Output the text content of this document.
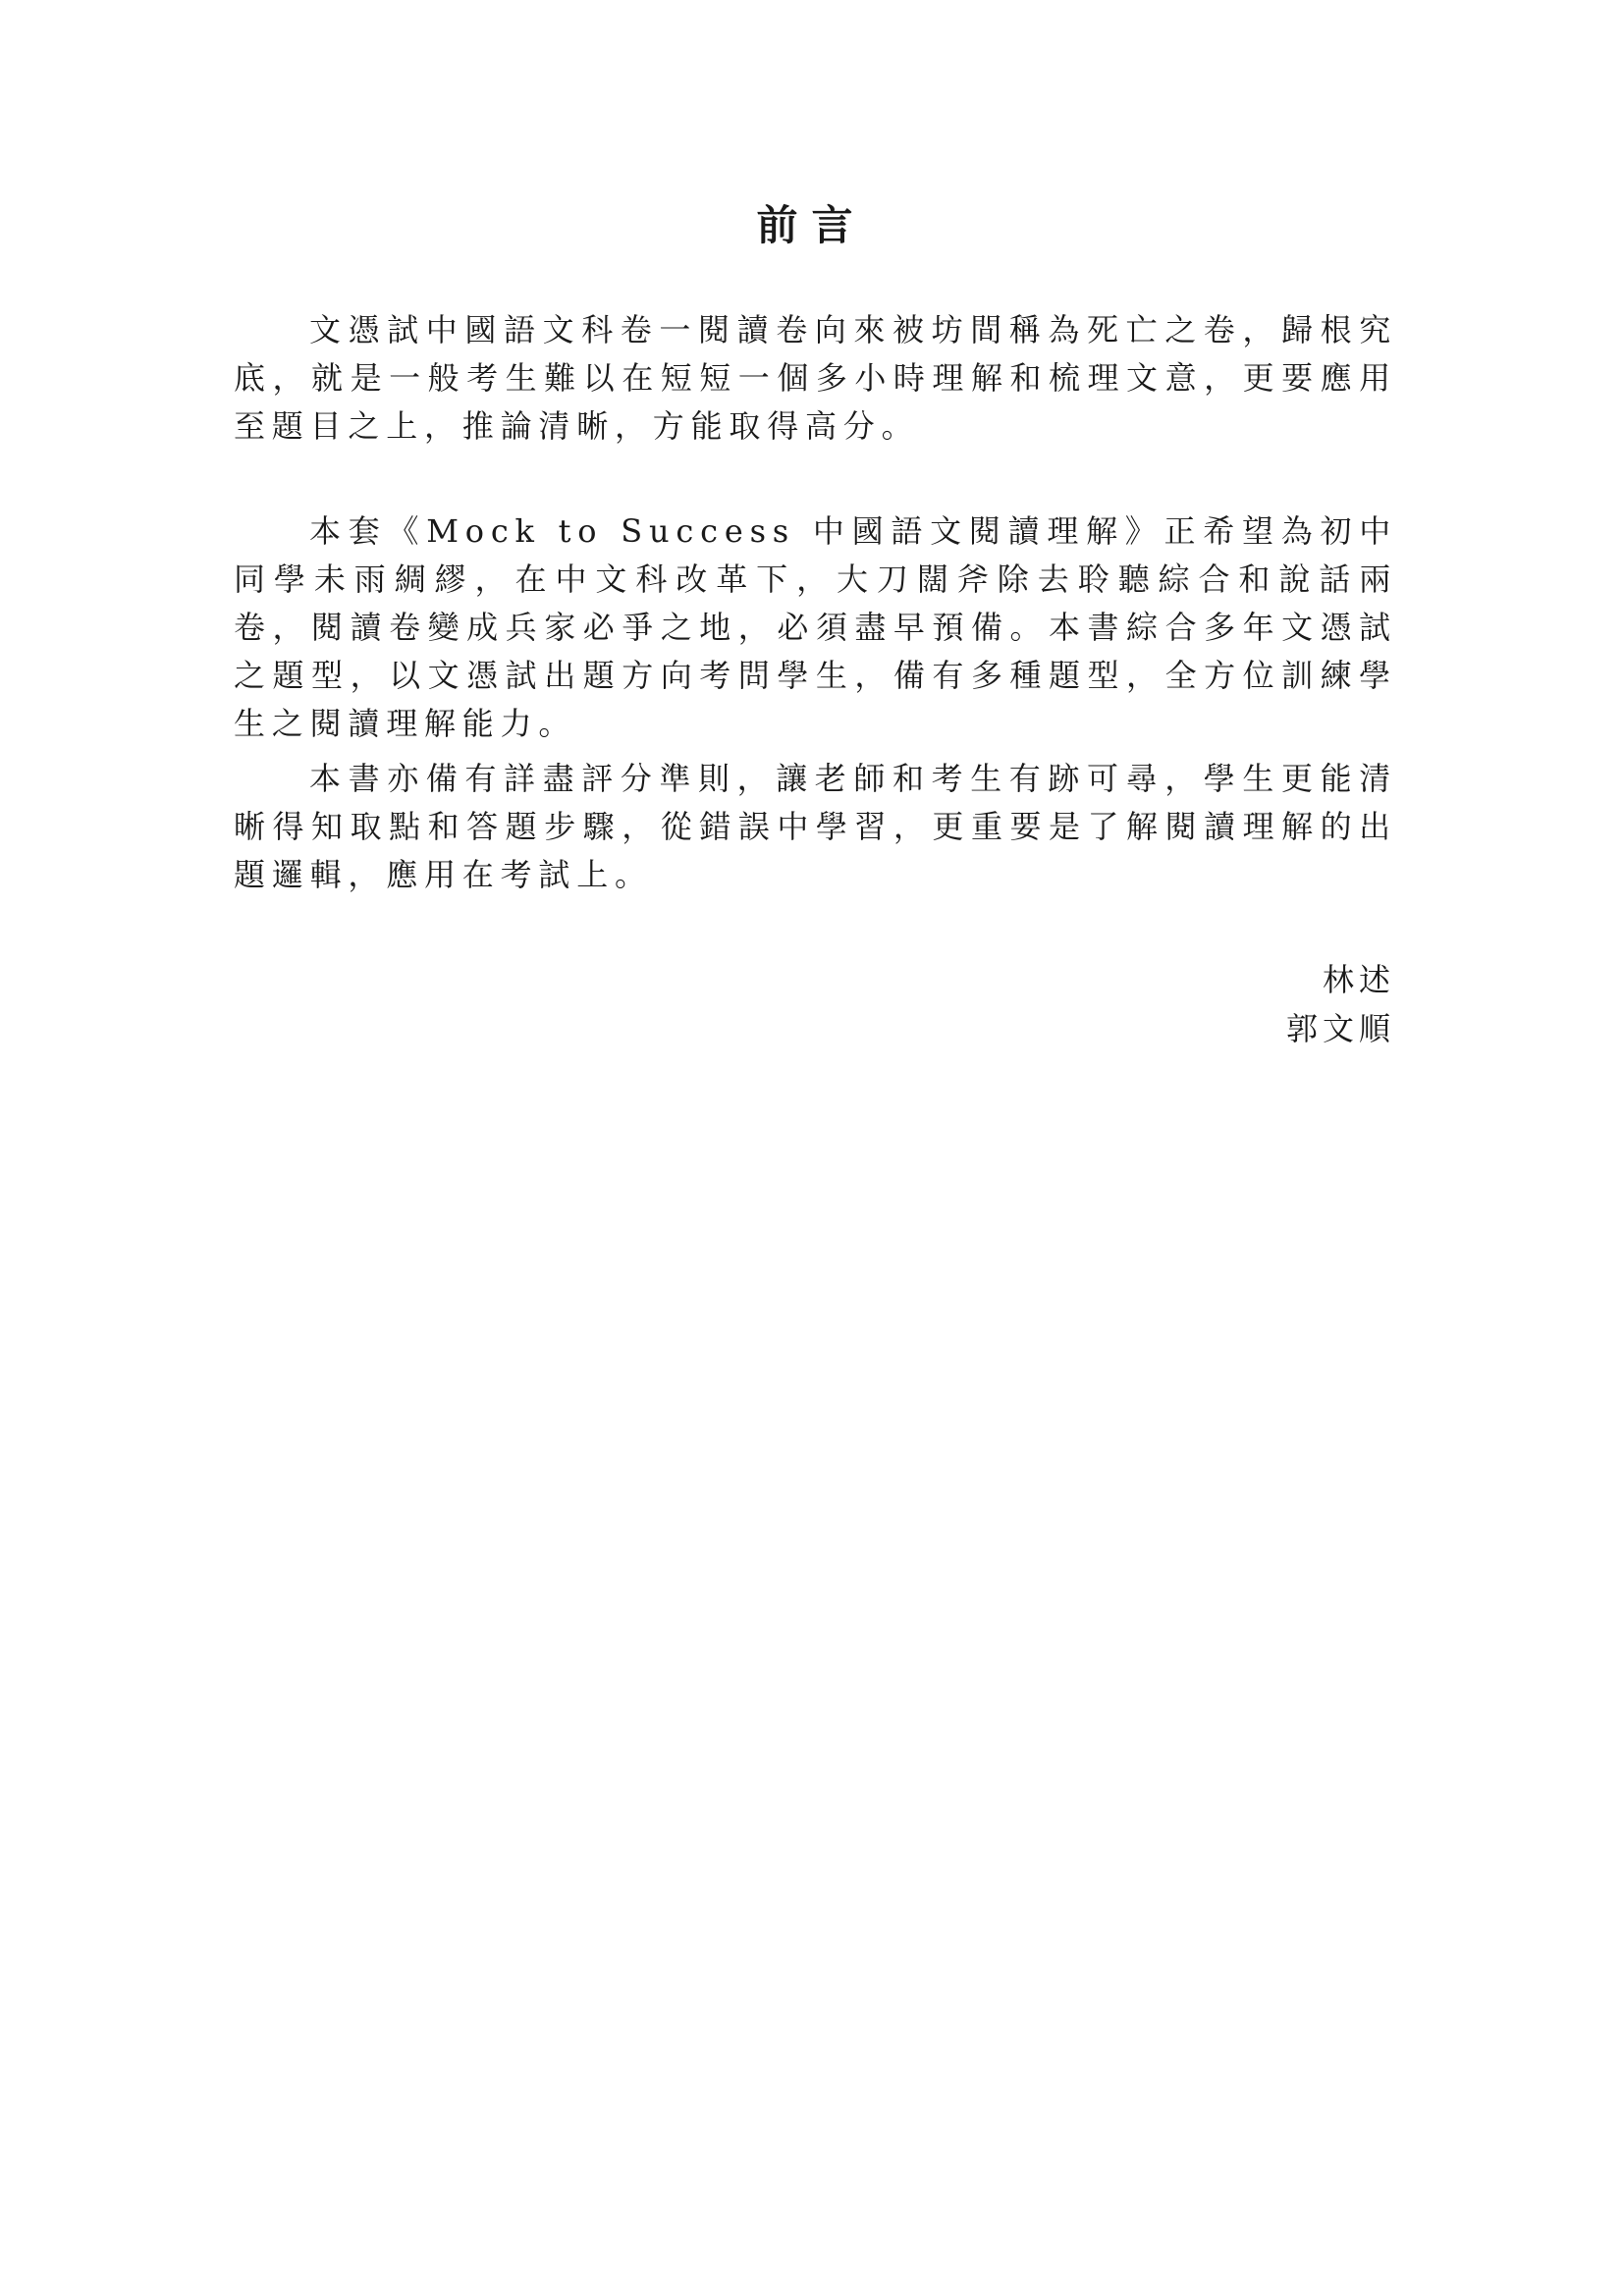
前言

文憑試中國語文科卷一閱讀卷向來被坊間稱為死亡之卷，歸根究底，就是一般考生難以在短短一個多小時理解和梳理文意，更要應用至題目之上，推論清晰，方能取得高分。

本套《Mock to Success 中國語文閱讀理解》正希望為初中同學未雨綢繆，在中文科改革下，大刀闊斧除去聆聽綜合和說話兩卷，閱讀卷變成兵家必爭之地，必須盡早預備。本書綜合多年文憑試之題型，以文憑試出題方向考問學生，備有多種題型，全方位訓練學生之閱讀理解能力。

本書亦備有詳盡評分準則，讓老師和考生有跡可尋，學生更能清晰得知取點和答題步驟，從錯誤中學習，更重要是了解閱讀理解的出題邏輯，應用在考試上。

林述
郭文順
